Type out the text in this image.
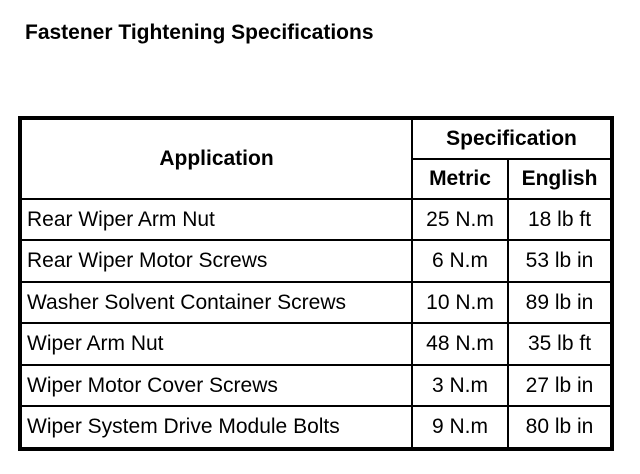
Fastener Tightening Specifications
Application	Specification	
	Metric	English
Rear Wiper Arm Nut	25 N.m	18 lb ft
Rear Wiper Motor Screws	6 N.m	53 lb in
Washer Solvent Container Screws	10 N.m	89 lb in
Wiper Arm Nut	48 N.m	35 lb ft
Wiper Motor Cover Screws	3 N.m	27 lb in
Wiper System Drive Module Bolts	9 N.m	80 lb in
